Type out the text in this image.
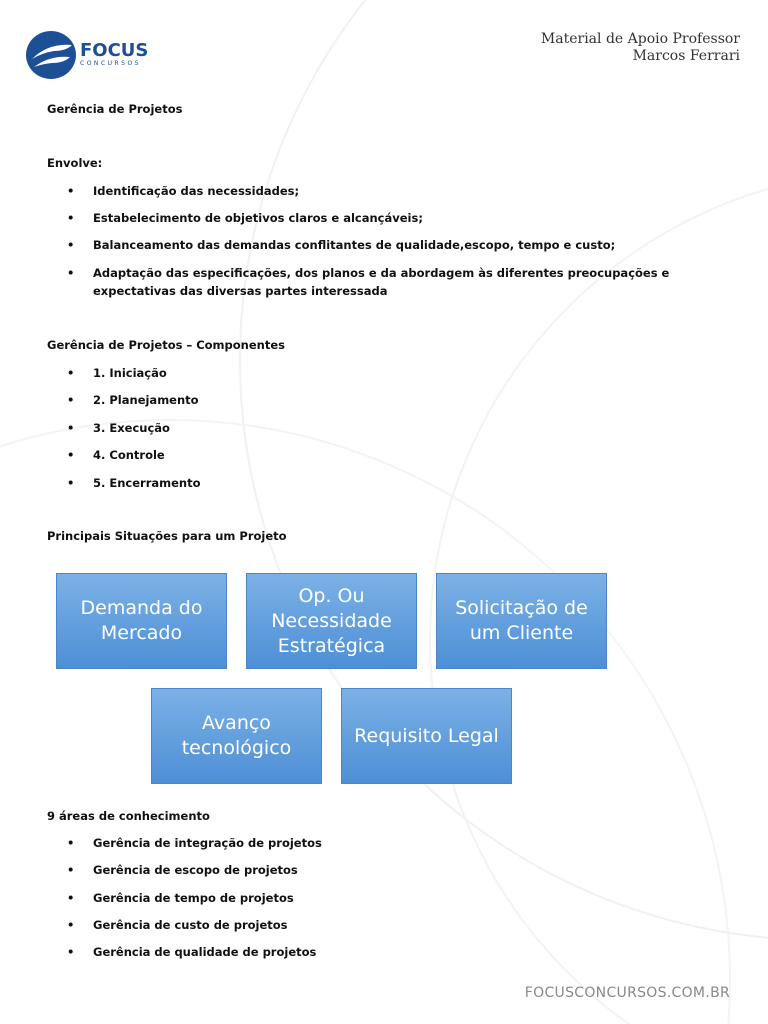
FOCUS
CONCURSOS
Material de Apoio Professor
Marcos Ferrari
Gerência de Projetos
Envolve:
• Identificação das necessidades;
• Estabelecimento de objetivos claros e alcançáveis;
• Balanceamento das demandas conflitantes de qualidade,escopo, tempo e custo;
• Adaptação das especificações, dos planos e da abordagem às diferentes preocupações e expectativas das diversas partes interessada
Gerência de Projetos – Componentes
• 1. Iniciação
• 2. Planejamento
• 3. Execução
• 4. Controle
• 5. Encerramento
Principais Situações para um Projeto
Demanda do Mercado
Op. Ou Necessidade Estratégica
Solicitação de um Cliente
Avanço tecnológico
Requisito Legal
9 áreas de conhecimento
• Gerência de integração de projetos
• Gerência de escopo de projetos
• Gerência de tempo de projetos
• Gerência de custo de projetos
• Gerência de qualidade de projetos
FOCUSCONCURSOS.COM.BR
